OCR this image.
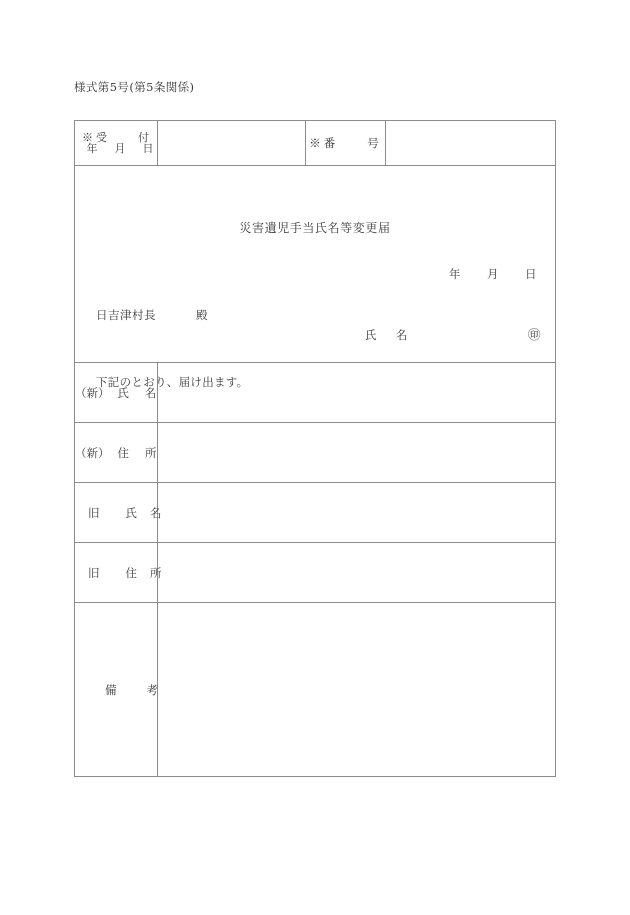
様式第5号(第5条関係)
※受　　付
年　月　日		※番　　号	

災害遺児手当氏名等変更届
年 月 日
日吉津村長	殿
氏　名	㊞
下記のとおり、届け出ます。

（新） 氏 名			
（新） 住 所			
旧 氏名			
旧 住所			
備考			
